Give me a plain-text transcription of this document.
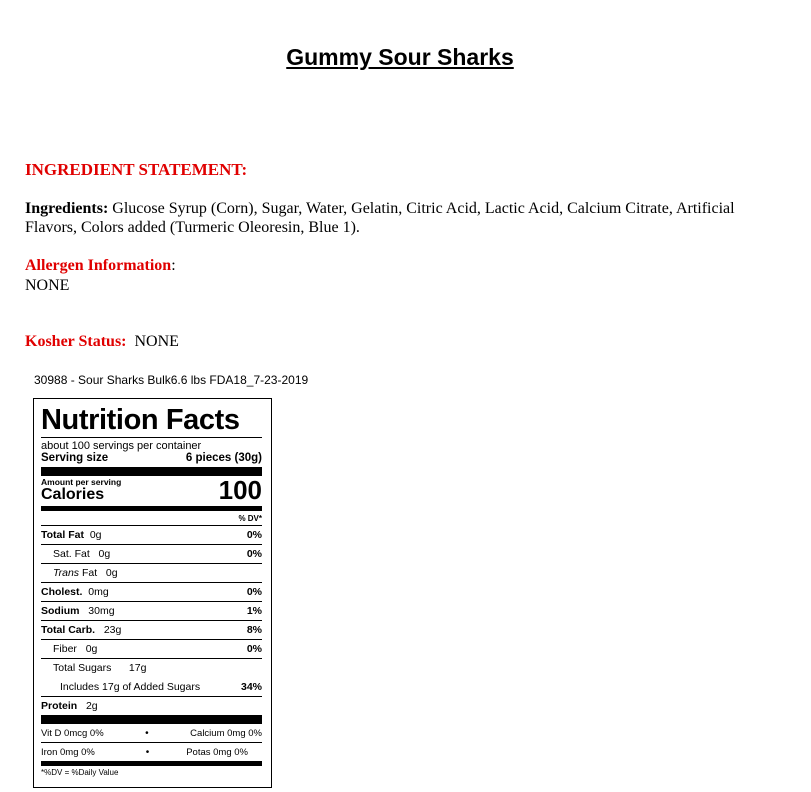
Gummy Sour Sharks
INGREDIENT STATEMENT:
Ingredients: Glucose Syrup (Corn), Sugar, Water, Gelatin, Citric Acid, Lactic Acid, Calcium Citrate, Artificial Flavors, Colors added (Turmeric Oleoresin, Blue 1).
Allergen Information:
NONE
Kosher Status: NONE
30988 - Sour Sharks Bulk6.6 lbs FDA18_7-23-2019
Nutrition Facts
about 100 servings per container
Serving size	6 pieces (30g)
Amount per serving
Calories	100
% DV*
Total Fat 0g	0%
Sat. Fat 0g	0%
Trans Fat 0g
Cholest. 0mg	0%
Sodium 30mg	1%
Total Carb. 23g	8%
Fiber 0g	0%
Total Sugars 17g
Includes 17g of Added Sugars	34%
Protein 2g
Vit D 0mcg 0%	•	Calcium 0mg 0%
Iron 0mg 0%	•	Potas 0mg 0%
*%DV = %Daily Value
